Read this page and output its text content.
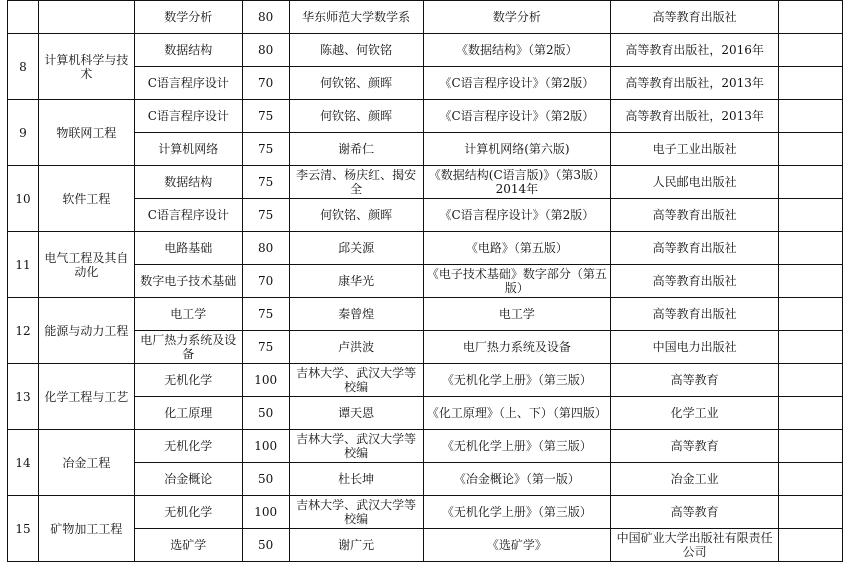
		数学分析	80	华东师范大学数学系	数学分析	高等教育出版社	
8	计算机科学与技术	数据结构	80	陈越、何钦铭	《数据结构》（第2版）	高等教育出版社，2016年	
		C语言程序设计	70	何钦铭、颜晖	《C语言程序设计》（第2版）	高等教育出版社，2013年	
9	物联网工程	C语言程序设计	75	何钦铭、颜晖	《C语言程序设计》（第2版）	高等教育出版社，2013年	
		计算机网络	75	谢希仁	计算机网络(第六版)	电子工业出版社	
10	软件工程	数据结构	75	李云清、杨庆红、揭安全	《数据结构(C语言版)》（第3版）2014年	人民邮电出版社	
		C语言程序设计	75	何钦铭、颜晖	《C语言程序设计》（第2版）	高等教育出版社	
11	电气工程及其自动化	电路基础	80	邱关源	《电路》（第五版）	高等教育出版社	
		数字电子技术基础	70	康华光	《电子技术基础》数字部分（第五版）	高等教育出版社	
12	能源与动力工程	电工学	75	秦曾煌	电工学	高等教育出版社	
		电厂热力系统及设备	75	卢洪波	电厂热力系统及设备	中国电力出版社	
13	化学工程与工艺	无机化学	100	吉林大学、武汉大学等校编	《无机化学上册》（第三版）	高等教育	
		化工原理	50	谭天恩	《化工原理》（上、下）（第四版）	化学工业	
14	冶金工程	无机化学	100	吉林大学、武汉大学等校编	《无机化学上册》（第三版）	高等教育	
		冶金概论	50	杜长坤	《冶金概论》（第一版）	冶金工业	
15	矿物加工工程	无机化学	100	吉林大学、武汉大学等校编	《无机化学上册》（第三版）	高等教育	
		选矿学	50	谢广元	《选矿学》	中国矿业大学出版社有限责任公司	
